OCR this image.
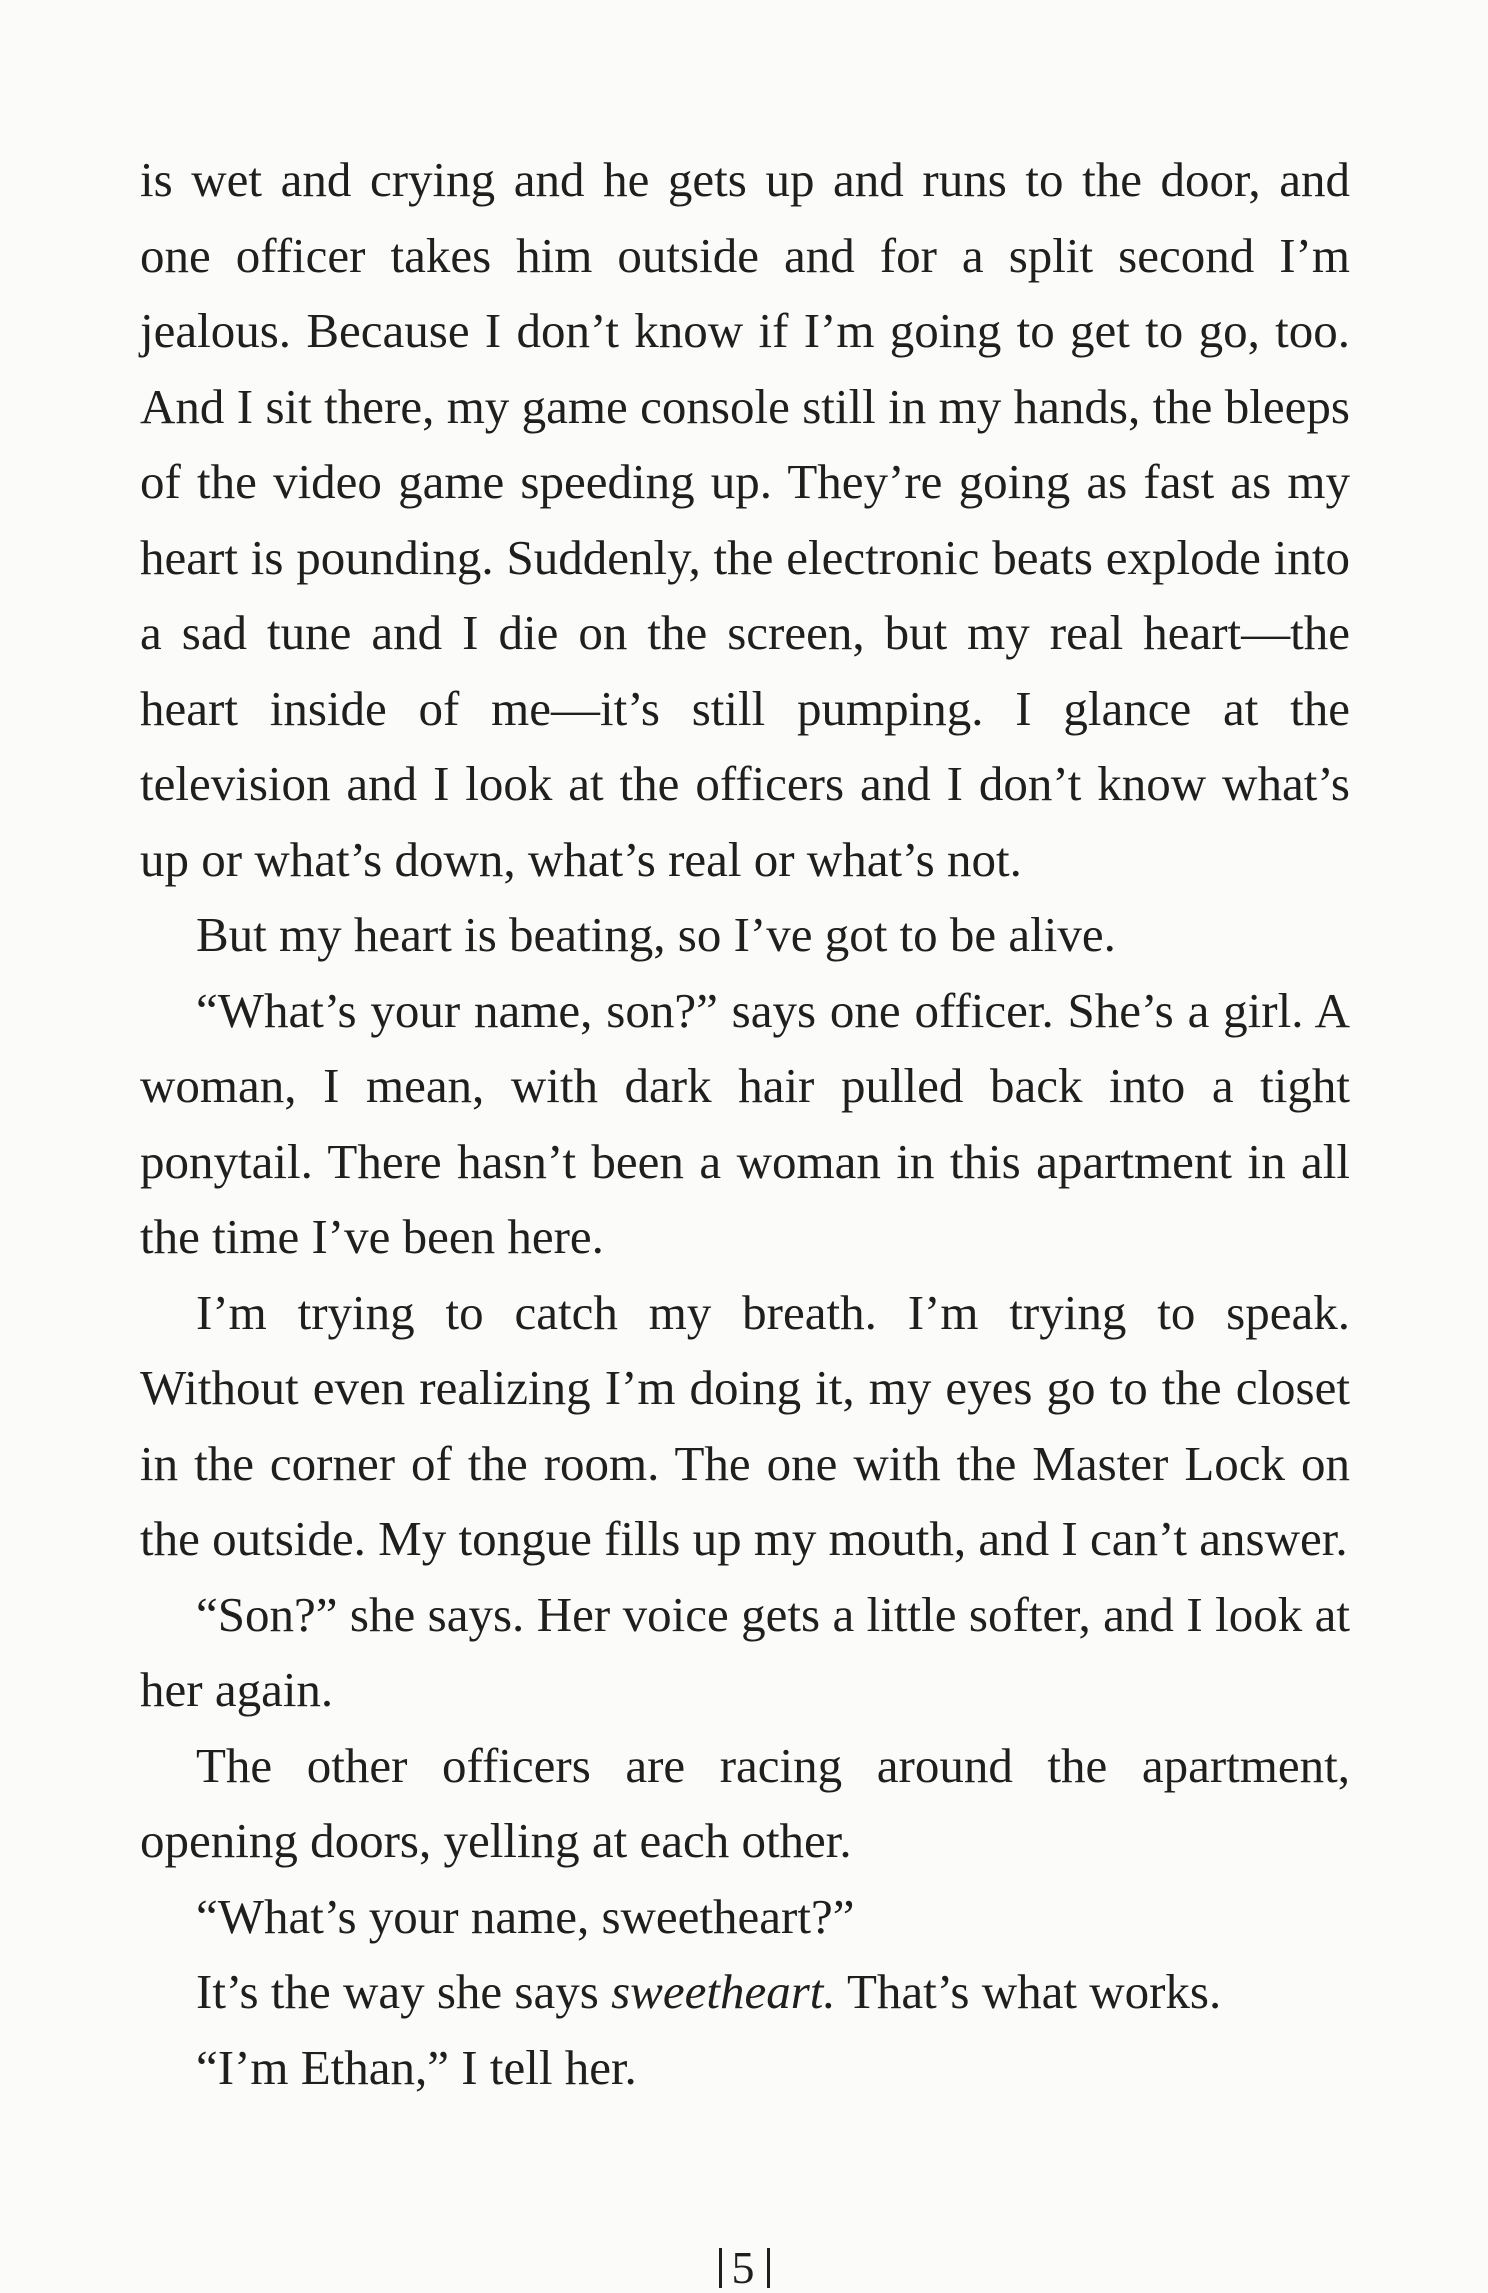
is wet and crying and he gets up and runs to the door, and one officer takes him outside and for a split second I’m jealous. Because I don’t know if I’m going to get to go, too. And I sit there, my game console still in my hands, the bleeps of the video game speeding up. They’re going as fast as my heart is pounding. Suddenly, the electronic beats explode into a sad tune and I die on the screen, but my real heart—the heart inside of me—it’s still pumping. I glance at the television and I look at the officers and I don’t know what’s up or what’s down, what’s real or what’s not.

But my heart is beating, so I’ve got to be alive.

“What’s your name, son?” says one officer. She’s a girl. A woman, I mean, with dark hair pulled back into a tight ponytail. There hasn’t been a woman in this apartment in all the time I’ve been here.

I’m trying to catch my breath. I’m trying to speak. Without even realizing I’m doing it, my eyes go to the closet in the corner of the room. The one with the Master Lock on the outside. My tongue fills up my mouth, and I can’t answer.

“Son?” she says. Her voice gets a little softer, and I look at her again.

The other officers are racing around the apartment, opening doors, yelling at each other.

“What’s your name, sweetheart?”

It’s the way she says sweetheart. That’s what works.

“I’m Ethan,” I tell her.

5
